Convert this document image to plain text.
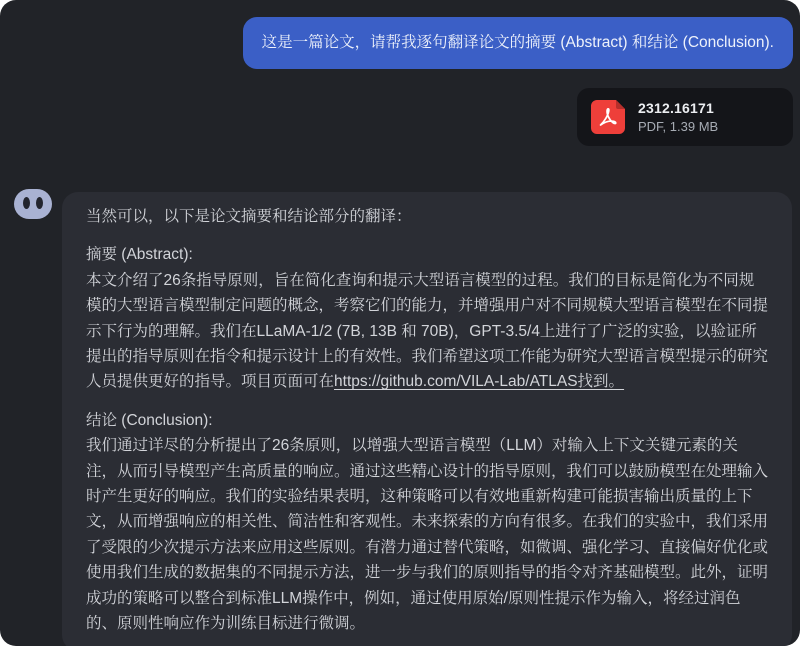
这是一篇论文，请帮我逐句翻译论文的摘要 (Abstract) 和结论 (Conclusion).
2312.16171
PDF, 1.39 MB

当然可以，以下是论文摘要和结论部分的翻译：

摘要 (Abstract):
本文介绍了26条指导原则，旨在简化查询和提示大型语言模型的过程。我们的目标是简化为不同规模的大型语言模型制定问题的概念，考察它们的能力，并增强用户对不同规模大型语言模型在不同提示下行为的理解。我们在LLaMA-1/2 (7B, 13B 和 70B)，GPT-3.5/4上进行了广泛的实验，以验证所提出的指导原则在指令和提示设计上的有效性。我们希望这项工作能为研究大型语言模型提示的研究人员提供更好的指导。项目页面可在https://github.com/VILA-Lab/ATLAS找到。

结论 (Conclusion):
我们通过详尽的分析提出了26条原则，以增强大型语言模型（LLM）对输入上下文关键元素的关注，从而引导模型产生高质量的响应。通过这些精心设计的指导原则，我们可以鼓励模型在处理输入时产生更好的响应。我们的实验结果表明，这种策略可以有效地重新构建可能损害输出质量的上下文，从而增强响应的相关性、简洁性和客观性。未来探索的方向有很多。在我们的实验中，我们采用了受限的少次提示方法来应用这些原则。有潜力通过替代策略，如微调、强化学习、直接偏好优化或使用我们生成的数据集的不同提示方法，进一步与我们的原则指导的指令对齐基础模型。此外，证明成功的策略可以整合到标准LLM操作中，例如，通过使用原始/原则性提示作为输入，将经过润色的、原则性响应作为训练目标进行微调。
